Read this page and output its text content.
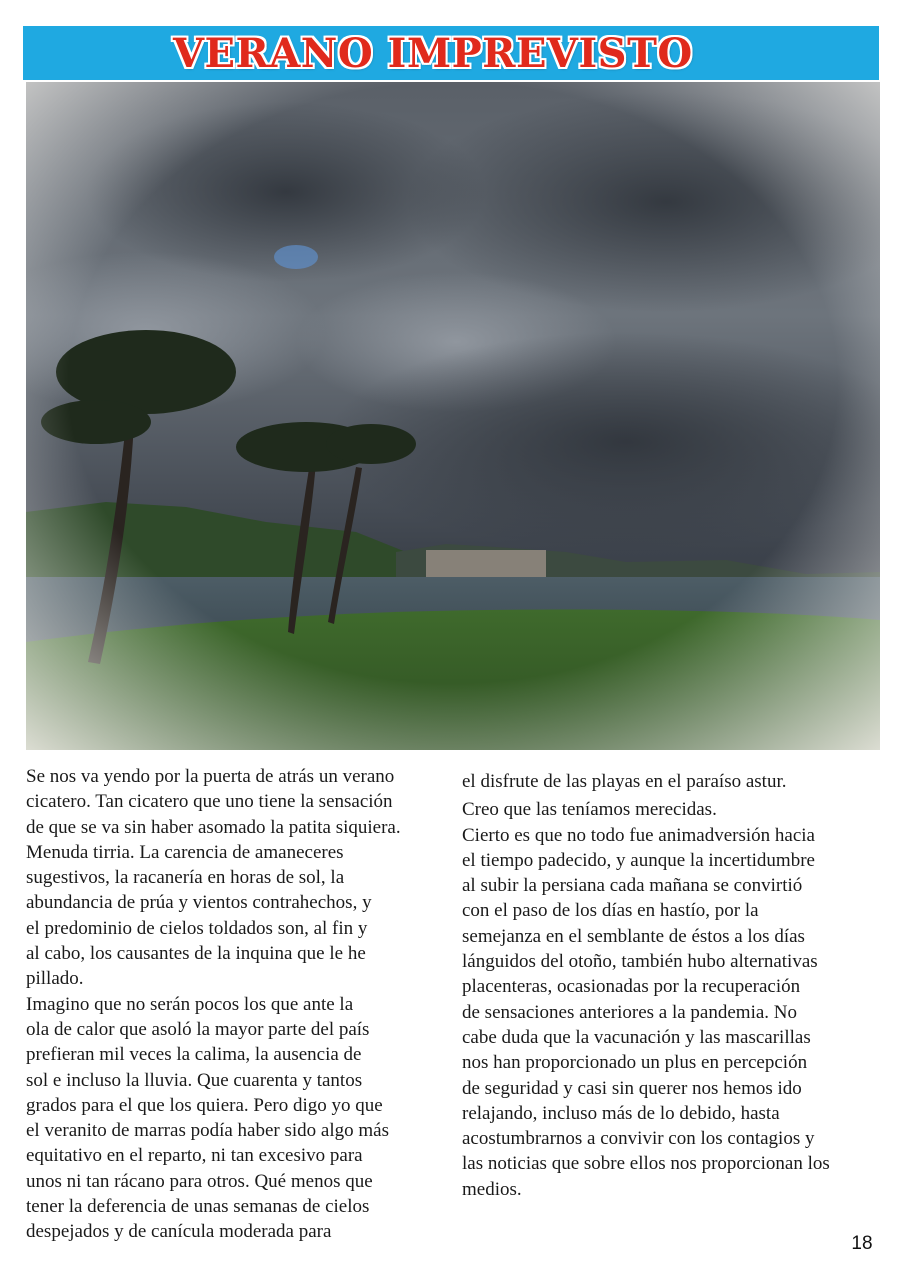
VERANO IMPREVISTO

Se nos va yendo por la puerta de atrás un verano

cicatero. Tan cicatero que uno tiene la sensación

de que se va sin haber asomado la patita siquiera.

Menuda tirria. La carencia de amaneceres

sugestivos, la racanería en horas de sol, la

abundancia de prúa y vientos contrahechos, y

el predominio de cielos toldados son, al fin y

al cabo, los causantes de la inquina que le he

pillado.

Imagino que no serán pocos los que ante la

ola de calor que asoló la mayor parte del país

prefieran mil veces la calima, la ausencia de

sol e incluso la lluvia. Que cuarenta y tantos

grados para el que los quiera. Pero digo yo que

el veranito de marras podía haber sido algo más

equitativo en el reparto, ni tan excesivo para

unos ni tan rácano para otros. Qué menos que

tener la deferencia de unas semanas de cielos

despejados y de canícula moderada para

el disfrute de las playas en el paraíso astur.

Creo que las teníamos merecidas.

Cierto es que no todo fue animadversión hacia

el tiempo padecido, y aunque la incertidumbre

al subir la persiana cada mañana se convirtió

con el paso de los días en hastío, por la

semejanza en el semblante de éstos a los días

lánguidos del otoño, también hubo alternativas

placenteras, ocasionadas por la recuperación

de sensaciones anteriores a la pandemia. No

cabe duda que la vacunación y las mascarillas

nos han proporcionado un plus en percepción

de seguridad y casi sin querer nos hemos ido

relajando, incluso más de lo debido, hasta

acostumbrarnos a convivir con los contagios y

las noticias que sobre ellos nos proporcionan los

medios.

18
